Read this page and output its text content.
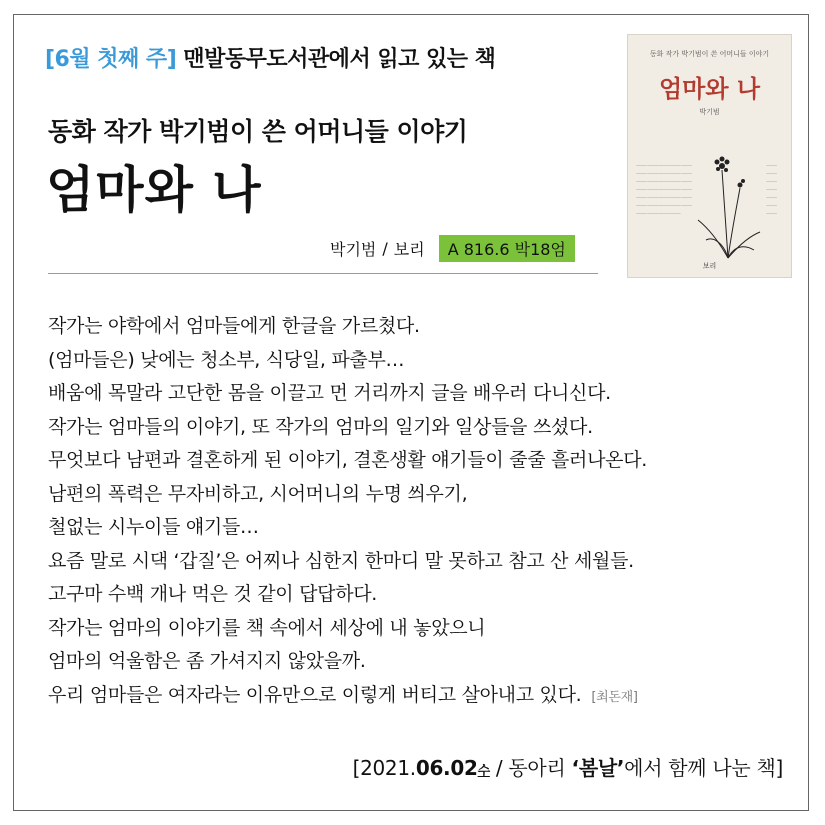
[6월 첫째 주] 맨발동무도서관에서 읽고 있는 책
동화 작가 박기범이 쓴 어머니들 이야기
엄마와 나
박기범 / 보리	A 816.6 박18엄
동화 작가 박기범이 쓴 어머니들 이야기
엄마와 나
박기범
⸻⸻⸻⸻⸻
⸻⸻⸻⸻⸻
⸻⸻⸻⸻⸻
⸻⸻⸻⸻⸻
⸻⸻⸻⸻⸻
⸻⸻⸻⸻⸻
⸻⸻⸻⸻
⸻
⸻
⸻
⸻
⸻
⸻
⸻
보리
작가는 야학에서 엄마들에게 한글을 가르쳤다.
(엄마들은) 낮에는 청소부, 식당일, 파출부…
배움에 목말라 고단한 몸을 이끌고 먼 거리까지 글을 배우러 다니신다.
작가는 엄마들의 이야기, 또 작가의 엄마의 일기와 일상들을 쓰셨다.
무엇보다 남편과 결혼하게 된 이야기, 결혼생활 얘기들이 줄줄 흘러나온다.
남편의 폭력은 무자비하고, 시어머니의 누명 씌우기,
철없는 시누이들 얘기들…
요즘 말로 시댁 ‘갑질’은 어찌나 심한지 한마디 말 못하고 참고 산 세월들.
고구마 수백 개나 먹은 것 같이 답답하다.
작가는 엄마의 이야기를 책 속에서 세상에 내 놓았으니
엄마의 억울함은 좀 가셔지지 않았을까.
우리 엄마들은 여자라는 이유만으로 이렇게 버티고 살아내고 있다. [최돈재]
[2021.06.02수 / 동아리 ‘봄날’에서 함께 나눈 책]
